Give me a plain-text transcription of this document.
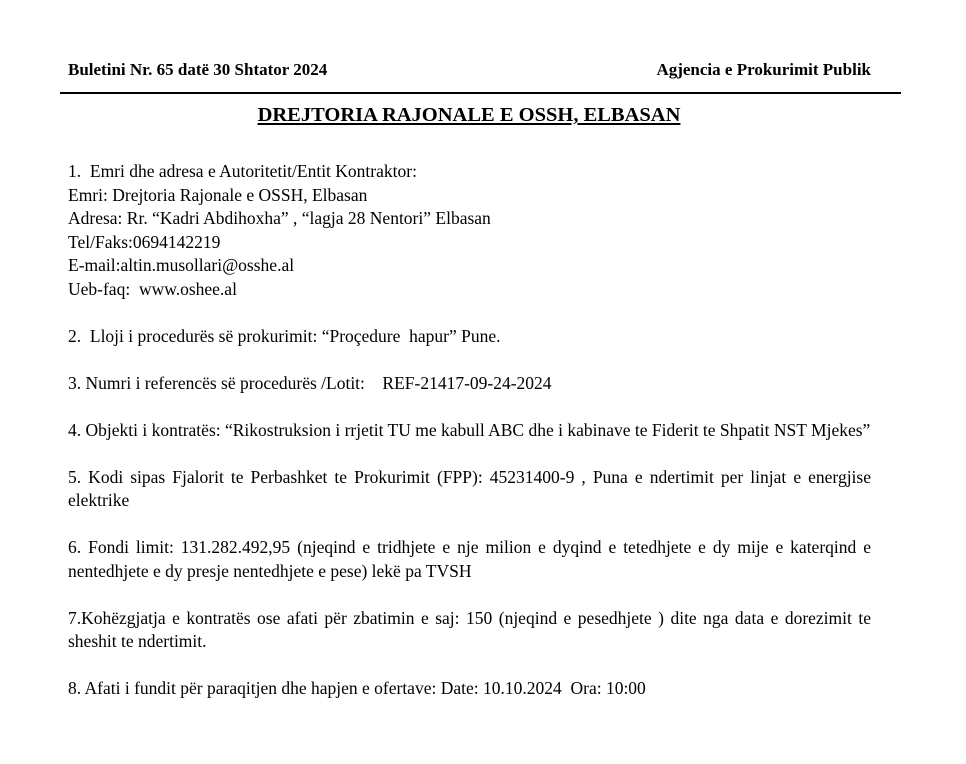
Buletini Nr. 65 datë 30 Shtator 2024	Agjencia e Prokurimit Publik
DREJTORIA RAJONALE E OSSH, ELBASAN
1.  Emri dhe adresa e Autoritetit/Entit Kontraktor:
Emri: Drejtoria Rajonale e OSSH, Elbasan
Adresa: Rr. “Kadri Abdihoxha” , “lagja 28 Nentori” Elbasan
Tel/Faks:0694142219
E-mail:altin.musollari@osshe.al
Ueb-faq:  www.oshee.al
2.  Lloji i procedurës së prokurimit: “Proçedure  hapur” Pune.
3. Numri i referencës së procedurës /Lotit:    REF-21417-09-24-2024
4. Objekti i kontratës: “Rikostruksion i rrjetit TU me kabull ABC dhe i kabinave te Fiderit te Shpatit NST Mjekes”
5. Kodi sipas Fjalorit te Perbashket te Prokurimit (FPP): 45231400-9 , Puna e ndertimit per linjat e energjise elektrike
6. Fondi limit: 131.282.492,95 (njeqind e tridhjete e nje milion e dyqind e tetedhjete e dy mije e katerqind e nentedhjete e dy presje nentedhjete e pese) lekë pa TVSH
7.Kohëzgjatja e kontratës ose afati për zbatimin e saj: 150 (njeqind e pesedhjete ) dite nga data e dorezimit te sheshit te ndertimit.
8. Afati i fundit për paraqitjen dhe hapjen e ofertave: Date: 10.10.2024  Ora: 10:00
